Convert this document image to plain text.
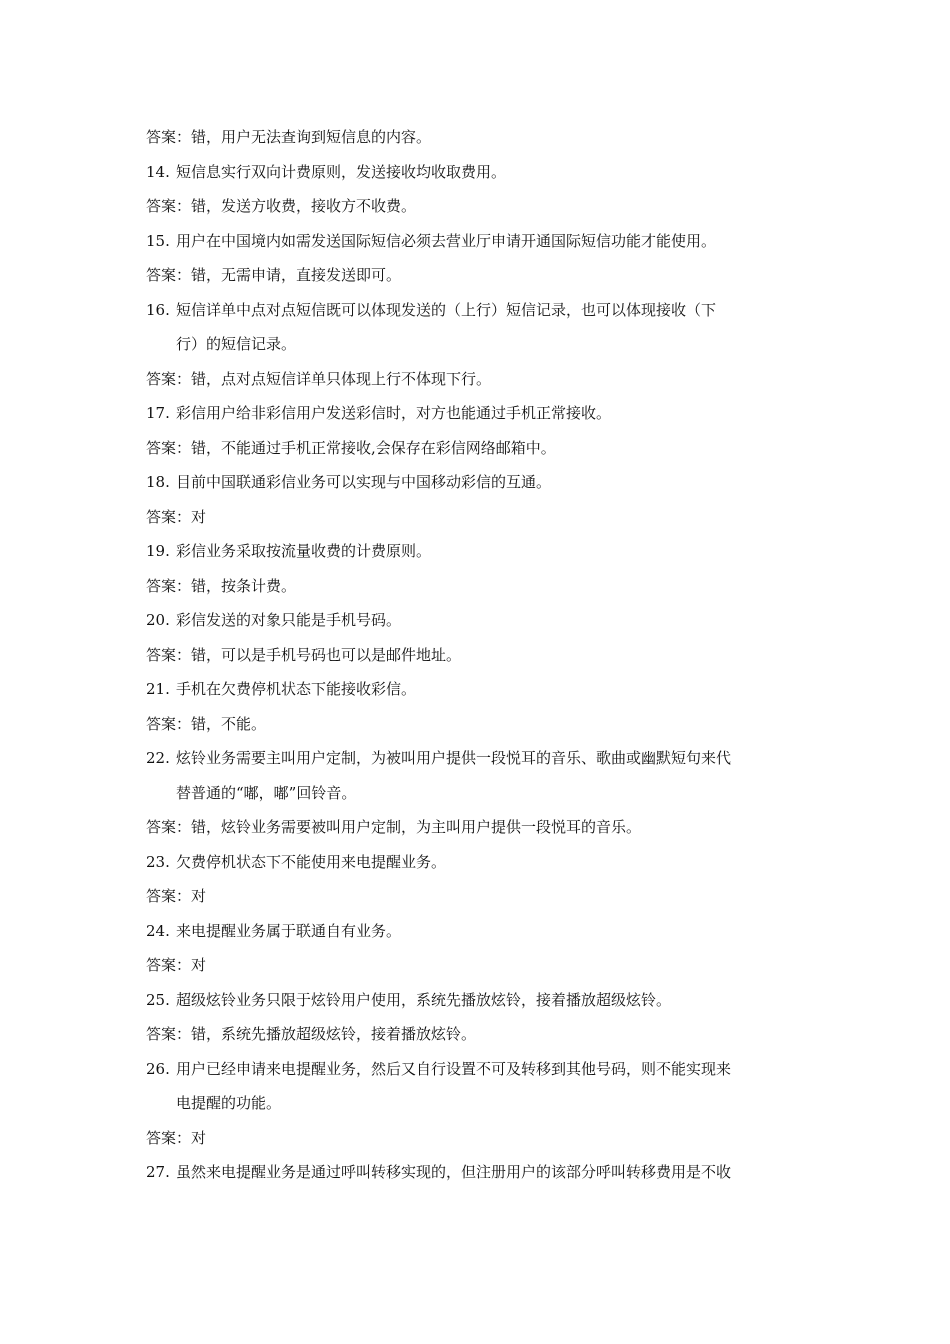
答案：错，用户无法查询到短信息的内容。
14. 短信息实行双向计费原则，发送接收均收取费用。
答案：错，发送方收费，接收方不收费。
15. 用户在中国境内如需发送国际短信必须去营业厅申请开通国际短信功能才能使用。
答案：错，无需申请，直接发送即可。
16. 短信详单中点对点短信既可以体现发送的（上行）短信记录，也可以体现接收（下
行）的短信记录。
答案：错，点对点短信详单只体现上行不体现下行。
17. 彩信用户给非彩信用户发送彩信时，对方也能通过手机正常接收。
答案：错，不能通过手机正常接收,会保存在彩信网络邮箱中。
18. 目前中国联通彩信业务可以实现与中国移动彩信的互通。
答案：对
19. 彩信业务采取按流量收费的计费原则。
答案：错，按条计费。
20. 彩信发送的对象只能是手机号码。
答案：错，可以是手机号码也可以是邮件地址。
21. 手机在欠费停机状态下能接收彩信。
答案：错，不能。
22. 炫铃业务需要主叫用户定制，为被叫用户提供一段悦耳的音乐、歌曲或幽默短句来代
替普通的“嘟，嘟”回铃音。
答案：错，炫铃业务需要被叫用户定制，为主叫用户提供一段悦耳的音乐。
23. 欠费停机状态下不能使用来电提醒业务。
答案：对
24. 来电提醒业务属于联通自有业务。
答案：对
25. 超级炫铃业务只限于炫铃用户使用，系统先播放炫铃，接着播放超级炫铃。
答案：错，系统先播放超级炫铃，接着播放炫铃。
26. 用户已经申请来电提醒业务，然后又自行设置不可及转移到其他号码，则不能实现来
电提醒的功能。
答案：对
27. 虽然来电提醒业务是通过呼叫转移实现的，但注册用户的该部分呼叫转移费用是不收
